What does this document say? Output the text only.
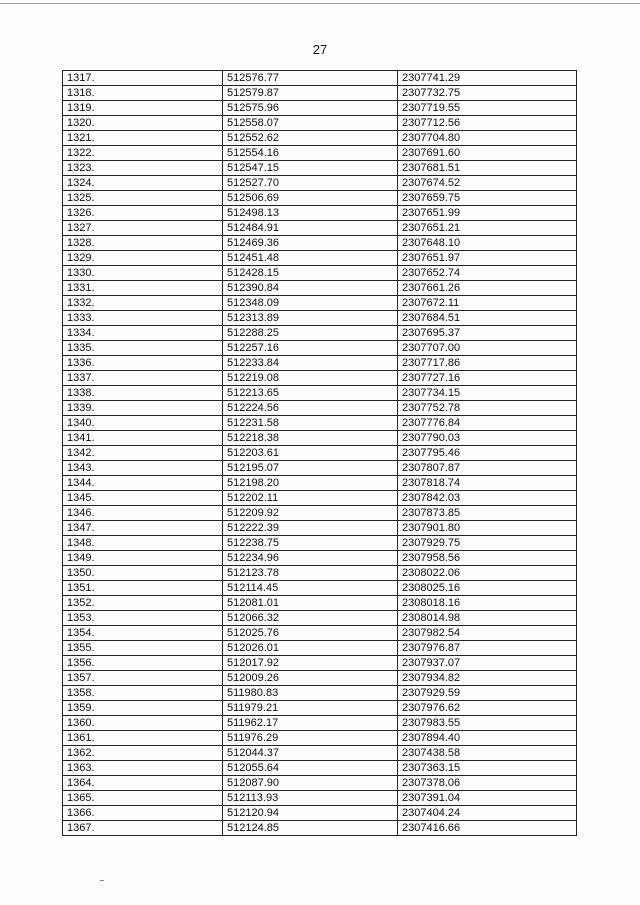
27
1317.	512576.77	2307741.29
1318.	512579.87	2307732.75
1319.	512575.96	2307719.55
1320.	512558.07	2307712.56
1321.	512552.62	2307704.80
1322.	512554.16	2307691.60
1323.	512547.15	2307681.51
1324.	512527.70	2307674.52
1325.	512506.69	2307659.75
1326.	512498.13	2307651.99
1327.	512484.91	2307651.21
1328.	512469.36	2307648.10
1329.	512451.48	2307651.97
1330.	512428.15	2307652.74
1331.	512390.84	2307661.26
1332.	512348.09	2307672.11
1333.	512313.89	2307684.51
1334.	512288.25	2307695.37
1335.	512257.16	2307707.00
1336.	512233.84	2307717.86
1337.	512219.08	2307727.16
1338.	512213.65	2307734.15
1339.	512224.56	2307752.78
1340.	512231.58	2307776.84
1341.	512218.38	2307790.03
1342.	512203.61	2307795.46
1343.	512195.07	2307807.87
1344.	512198.20	2307818.74
1345.	512202.11	2307842.03
1346.	512209.92	2307873.85
1347.	512222.39	2307901.80
1348.	512238.75	2307929.75
1349.	512234.96	2307958.56
1350.	512123.78	2308022.06
1351.	512114.45	2308025.16
1352.	512081.01	2308018.16
1353.	512066.32	2308014.98
1354.	512025.76	2307982.54
1355.	512026.01	2307976.87
1356.	512017.92	2307937.07
1357.	512009.26	2307934.82
1358.	511980.83	2307929.59
1359.	511979.21	2307976.62
1360.	511962.17	2307983.55
1361.	511976.29	2307894.40
1362.	512044.37	2307438.58
1363.	512055.64	2307363.15
1364.	512087.90	2307378.06
1365.	512113.93	2307391.04
1366.	512120.94	2307404.24
1367.	512124.85	2307416.66
